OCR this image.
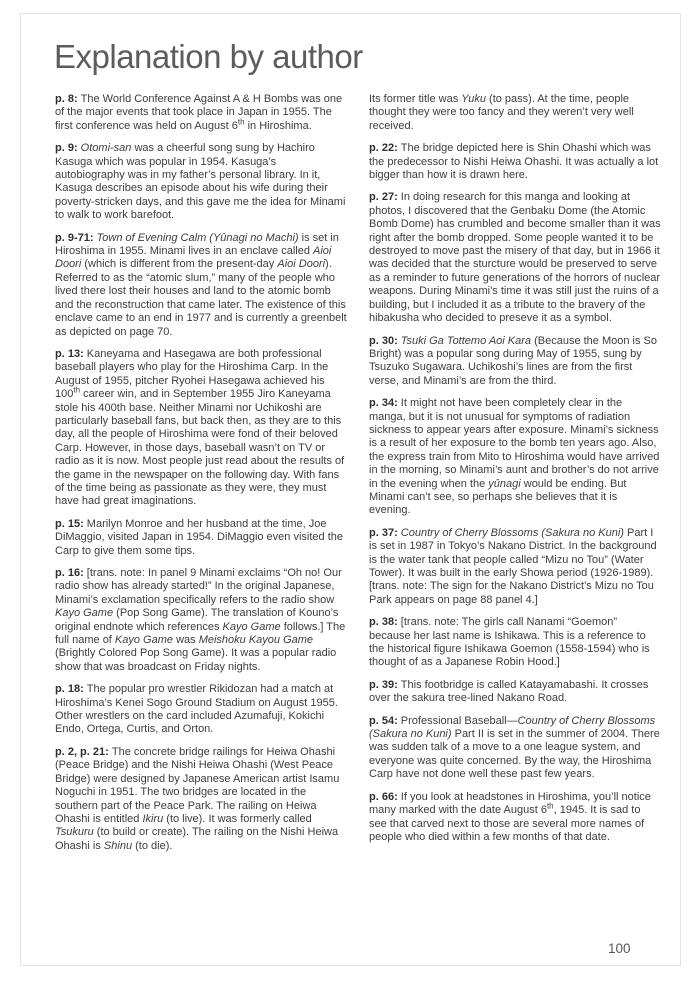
Explanation by author

p. 8: The World Conference Against A & H Bombs was one of the major events that took place in Japan in 1955. The first conference was held on August 6th in Hiroshima.

p. 9: Otomi-san was a cheerful song sung by Hachiro Kasuga which was popular in 1954. Kasuga’s autobiography was in my father’s personal library. In it, Kasuga describes an episode about his wife during their poverty-stricken days, and this gave me the idea for Minami to walk to work barefoot.

p. 9-71: Town of Evening Calm (Yûnagi no Machi) is set in Hiroshima in 1955. Minami lives in an enclave called Aioi Doori (which is different from the present-day Aioi Doori). Referred to as the “atomic slum,” many of the people who lived there lost their houses and land to the atomic bomb and the reconstruction that came later. The existence of this enclave came to an end in 1977 and is currently a greenbelt as depicted on page 70.

p. 13: Kaneyama and Hasegawa are both professional baseball players who play for the Hiroshima Carp. In the August of 1955, pitcher Ryohei Hasegawa achieved his 100th career win, and in September 1955 Jiro Kaneyama stole his 400th base. Neither Minami nor Uchikoshi are particularly baseball fans, but back then, as they are to this day, all the people of Hiroshima were fond of their beloved Carp. However, in those days, baseball wasn’t on TV or radio as it is now. Most people just read about the results of the game in the newspaper on the following day. With fans of the time being as passionate as they were, they must have had great imaginations.

p. 15: Marilyn Monroe and her husband at the time, Joe DiMaggio, visited Japan in 1954. DiMaggio even visited the Carp to give them some tips.

p. 16: [trans. note: In panel 9 Minami exclaims “Oh no! Our radio show has already started!” In the original Japanese, Minami’s exclamation specifically refers to the radio show Kayo Game (Pop Song Game). The translation of Kouno’s original endnote which references Kayo Game follows.] The full name of Kayo Game was Meishoku Kayou Game (Brightly Colored Pop Song Game). It was a popular radio show that was broadcast on Friday nights.

p. 18: The popular pro wrestler Rikidozan had a match at Hiroshima’s Kenei Sogo Ground Stadium on August 1955. Other wrestlers on the card included Azumafuji, Kokichi Endo, Ortega, Curtis, and Orton.

p. 2, p. 21: The concrete bridge railings for Heiwa Ohashi (Peace Bridge) and the Nishi Heiwa Ohashi (West Peace Bridge) were designed by Japanese American artist Isamu Noguchi in 1951. The two bridges are located in the southern part of the Peace Park. The railing on Heiwa Ohashi is entitled Ikiru (to live). It was formerly called Tsukuru (to build or create). The railing on the Nishi Heiwa Ohashi is Shinu (to die).

Its former title was Yuku (to pass). At the time, people thought they were too fancy and they weren’t very well received.

p. 22: The bridge depicted here is Shin Ohashi which was the predecessor to Nishi Heiwa Ohashi. It was actually a lot bigger than how it is drawn here.

p. 27: In doing research for this manga and looking at photos, I discovered that the Genbaku Dome (the Atomic Bomb Dome) has crumbled and become smaller than it was right after the bomb dropped. Some people wanted it to be destroyed to move past the misery of that day, but in 1966 it was decided that the sturcture would be preserved to serve as a reminder to future generations of the horrors of nuclear weapons. During Minami’s time it was still just the ruins of a building, but I included it as a tribute to the bravery of the hibakusha who decided to preseve it as a symbol.

p. 30: Tsuki Ga Tottemo Aoi Kara (Because the Moon is So Bright) was a popular song during May of 1955, sung by Tsuzuko Sugawara. Uchikoshi’s lines are from the first verse, and Minami’s are from the third.

p. 34: It might not have been completely clear in the manga, but it is not unusual for symptoms of radiation sickness to appear years after exposure. Minami’s sickness is a result of her exposure to the bomb ten years ago. Also, the express train from Mito to Hiroshima would have arrived in the morning, so Minami’s aunt and brother’s do not arrive in the evening when the yûnagi would be ending. But Minami can’t see, so perhaps she believes that it is evening.

p. 37: Country of Cherry Blossoms (Sakura no Kuni) Part I is set in 1987 in Tokyo’s Nakano District. In the background is the water tank that people called “Mizu no Tou” (Water Tower). It was built in the early Showa period (1926-1989). [trans. note: The sign for the Nakano District’s Mizu no Tou Park appears on page 88 panel 4.]

p. 38: [trans. note: The girls call Nanami “Goemon” because her last name is Ishikawa. This is a reference to the historical figure Ishikawa Goemon (1558-1594) who is thought of as a Japanese Robin Hood.]

p. 39: This footbridge is called Katayamabashi. It crosses over the sakura tree-lined Nakano Road.

p. 54: Professional Baseball—Country of Cherry Blossoms (Sakura no Kuni) Part II is set in the summer of 2004. There was sudden talk of a move to a one league system, and everyone was quite concerned. By the way, the Hiroshima Carp have not done well these past few years.

p. 66: If you look at headstones in Hiroshima, you’ll notice many marked with the date August 6th, 1945. It is sad to see that carved next to those are several more names of people who died within a few months of that date.

100
